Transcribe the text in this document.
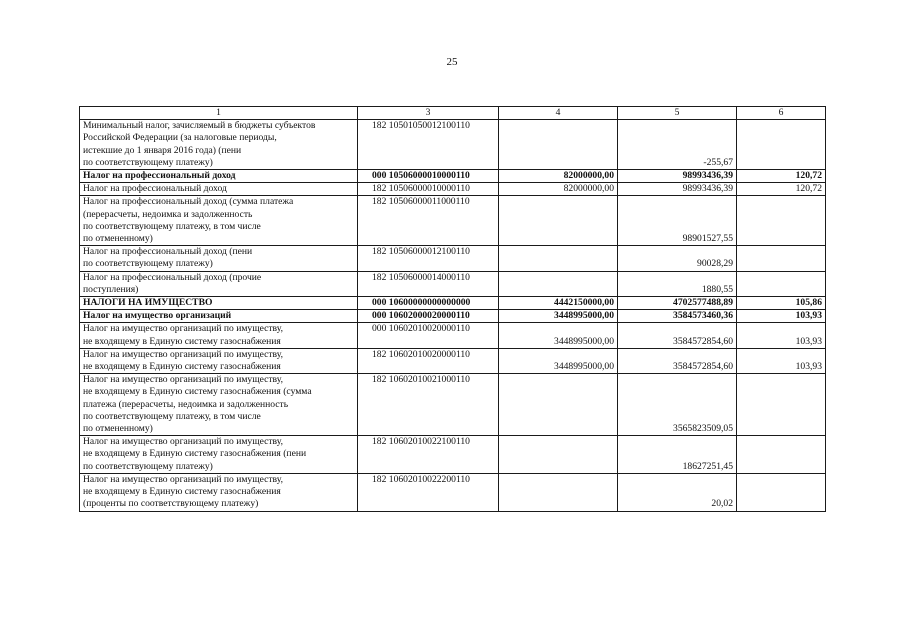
25
1	3	4	5	6
Минимальный налог, зачисляемый в бюджеты субъектов
Российской Федерации (за налоговые периоды,
истекшие до 1 января 2016 года) (пени
по соответствующему платежу)	182 10501050012100110		-255,67	
Налог на профессиональный доход	000 10506000010000110	82000000,00	98993436,39	120,72
Налог на профессиональный доход	182 10506000010000110	82000000,00	98993436,39	120,72
Налог на профессиональный доход (сумма платежа
(перерасчеты, недоимка и задолженность
по соответствующему платежу, в том числе
по отмененному)	182 10506000011000110		98901527,55	
Налог на профессиональный доход (пени
по соответствующему платежу)	182 10506000012100110		90028,29	
Налог на профессиональный доход (прочие
поступления)	182 10506000014000110		1880,55	
НАЛОГИ НА ИМУЩЕСТВО	000 10600000000000000	4442150000,00	4702577488,89	105,86
Налог на имущество организаций	000 10602000020000110	3448995000,00	3584573460,36	103,93
Налог на имущество организаций по имуществу,
не входящему в Единую систему газоснабжения	000 10602010020000110	3448995000,00	3584572854,60	103,93
Налог на имущество организаций по имуществу,
не входящему в Единую систему газоснабжения	182 10602010020000110	3448995000,00	3584572854,60	103,93
Налог на имущество организаций по имуществу,
не входящему в Единую систему газоснабжения (сумма
платежа (перерасчеты, недоимка и задолженность
по соответствующему платежу, в том числе
по отмененному)	182 10602010021000110		3565823509,05	
Налог на имущество организаций по имуществу,
не входящему в Единую систему газоснабжения (пени
по соответствующему платежу)	182 10602010022100110		18627251,45	
Налог на имущество организаций по имуществу,
не входящему в Единую систему газоснабжения
(проценты по соответствующему платежу)	182 10602010022200110		20,02	
